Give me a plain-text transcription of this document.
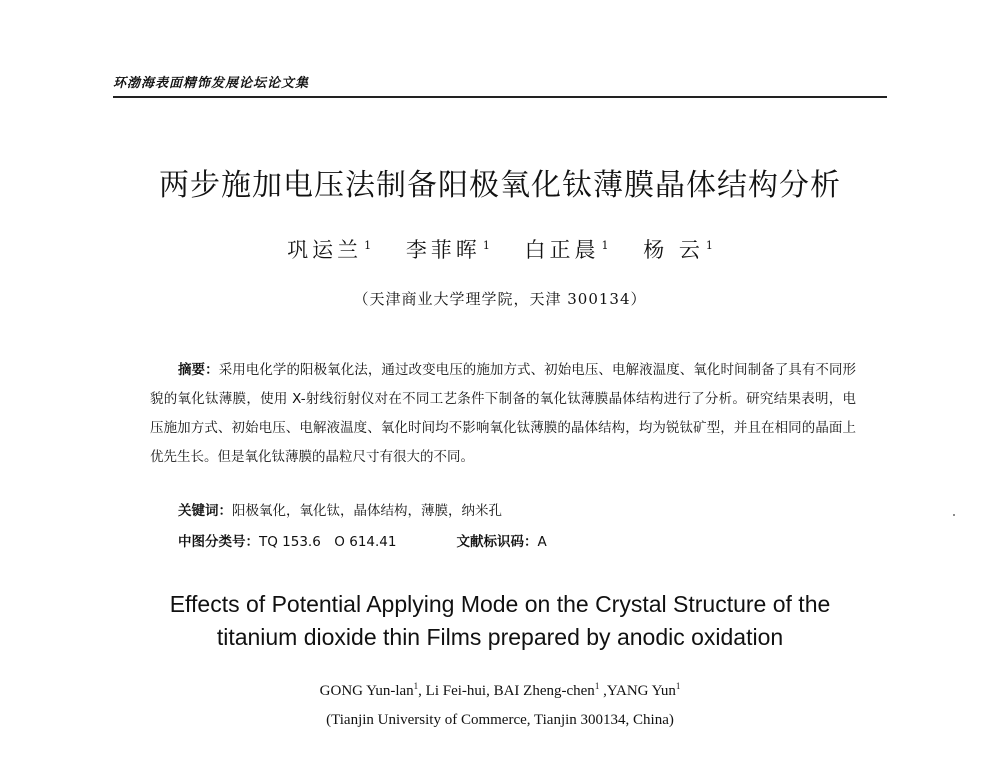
环渤海表面精饰发展论坛论文集
两步施加电压法制备阳极氧化钛薄膜晶体结构分析
巩运兰 $^1$ 李菲晖 $^1$ 白正晨 $^1$ 杨 云 $^1$
（天津商业大学理学院，天津 300134）
摘要：采用电化学的阳极氧化法，通过改变电压的施加方式、初始电压、电解液温度、氧化时间制备了具有不同形貌的氧化钛薄膜，使用 X-射线衍射仪对在不同工艺条件下制备的氧化钛薄膜晶体结构进行了分析。研究结果表明，电压施加方式、初始电压、电解液温度、氧化时间均不影响氧化钛薄膜的晶体结构，均为锐钛矿型，并且在相同的晶面上优先生长。但是氧化钛薄膜的晶粒尺寸有很大的不同。
关键词：阳极氧化，氧化钛，晶体结构，薄膜，纳米孔
中图分类号：TQ 153.6　O 614.41	文献标识码：A
Effects of Potential Applying Mode on the Crystal Structure of the
titanium dioxide thin Films prepared by anodic oxidation
GONG Yun-lan$^1$, Li Fei-hui, BAI Zheng-chen$^1$ ,YANG Yun$^1$
(Tianjin University of Commerce, Tianjin 300134, China)
